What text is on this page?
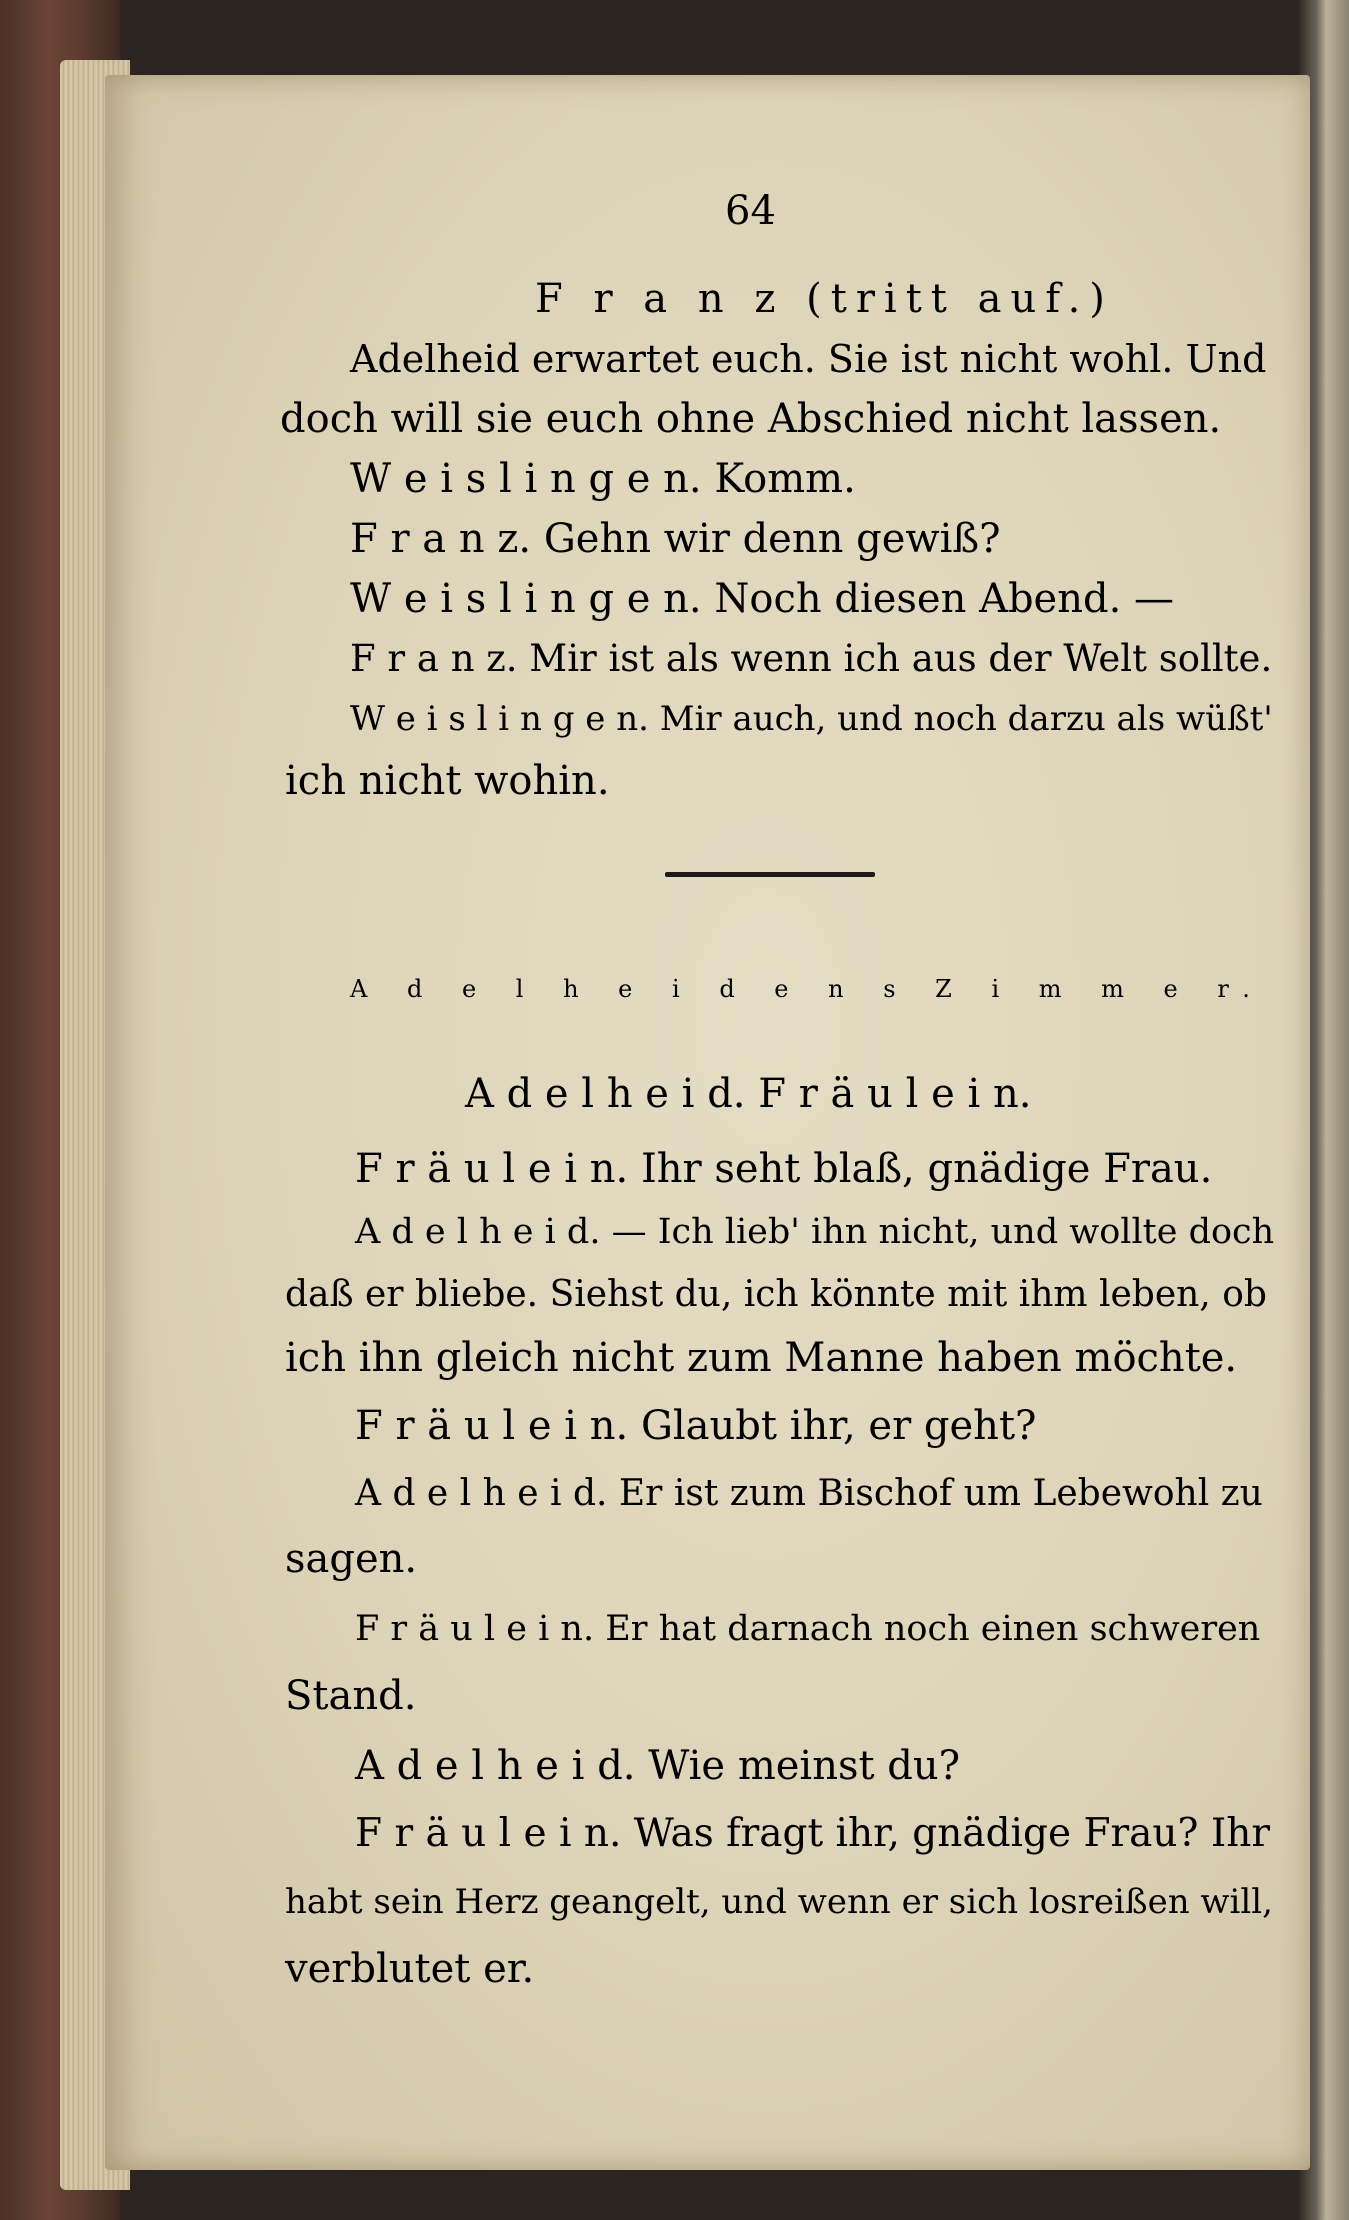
64
F r a n z (tritt auf.)
Adelheid erwartet euch. Sie ist nicht wohl. Und
doch will sie euch ohne Abschied nicht lassen.
W e i s l i n g e n. Komm.
F r a n z. Gehn wir denn gewiß?
W e i s l i n g e n. Noch diesen Abend. —
F r a n z. Mir ist als wenn ich aus der Welt sollte.
W e i s l i n g e n. Mir auch, und noch darzu als wüßt'
ich nicht wohin.
A d e l h e i d e n s Z i m m e r.
A d e l h e i d. F r ä u l e i n.
F r ä u l e i n. Ihr seht blaß, gnädige Frau.
A d e l h e i d. — Ich lieb' ihn nicht, und wollte doch
daß er bliebe. Siehst du, ich könnte mit ihm leben, ob
ich ihn gleich nicht zum Manne haben möchte.
F r ä u l e i n. Glaubt ihr, er geht?
A d e l h e i d. Er ist zum Bischof um Lebewohl zu
sagen.
F r ä u l e i n. Er hat darnach noch einen schweren
Stand.
A d e l h e i d. Wie meinst du?
F r ä u l e i n. Was fragt ihr, gnädige Frau? Ihr
habt sein Herz geangelt, und wenn er sich losreißen will,
verblutet er.
